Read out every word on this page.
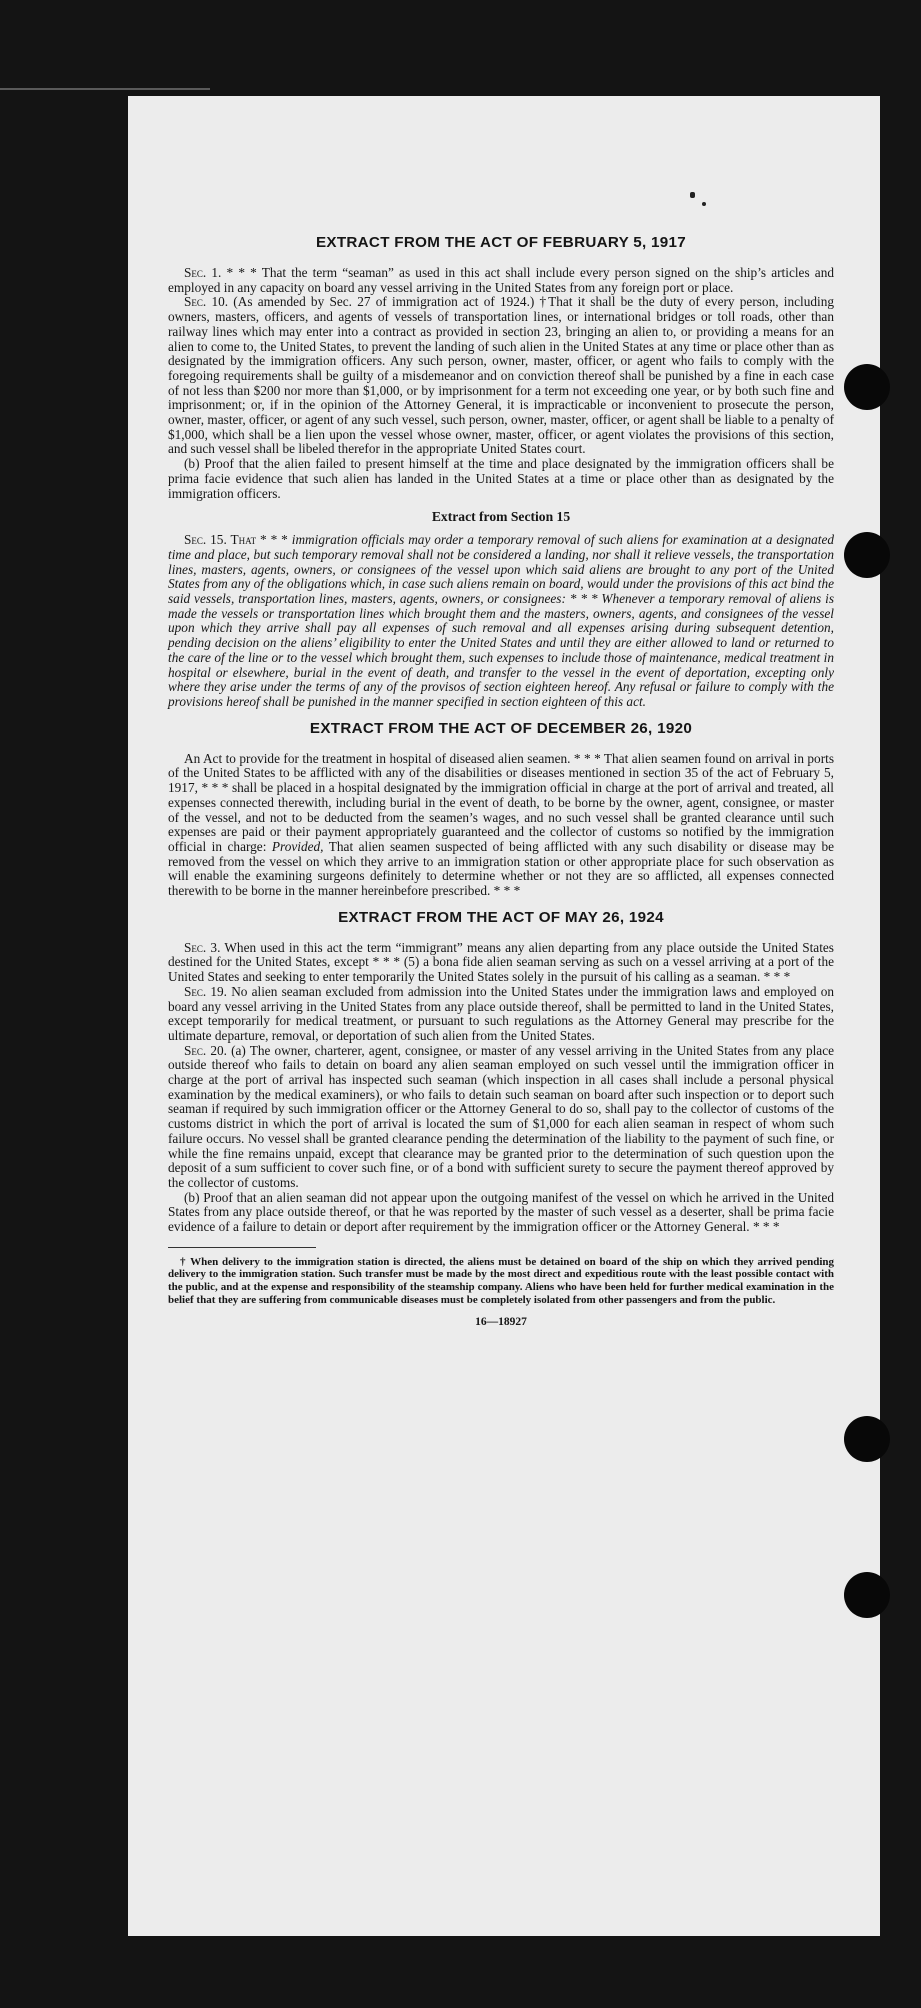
EXTRACT FROM THE ACT OF FEBRUARY 5, 1917

Sec. 1. * * * That the term “seaman” as used in this act shall include every person signed on the ship’s articles and employed in any capacity on board any vessel arriving in the United States from any foreign port or place.

Sec. 10. (As amended by Sec. 27 of immigration act of 1924.) †That it shall be the duty of every person, including owners, masters, officers, and agents of vessels of transportation lines, or international bridges or toll roads, other than railway lines which may enter into a contract as provided in section 23, bringing an alien to, or providing a means for an alien to come to, the United States, to prevent the landing of such alien in the United States at any time or place other than as designated by the immigration officers. Any such person, owner, master, officer, or agent who fails to comply with the foregoing requirements shall be guilty of a misdemeanor and on conviction thereof shall be punished by a fine in each case of not less than $200 nor more than $1,000, or by imprisonment for a term not exceeding one year, or by both such fine and imprisonment; or, if in the opinion of the Attorney General, it is impracticable or inconvenient to prosecute the person, owner, master, officer, or agent of any such vessel, such person, owner, master, officer, or agent shall be liable to a penalty of $1,000, which shall be a lien upon the vessel whose owner, master, officer, or agent violates the provisions of this section, and such vessel shall be libeled therefor in the appropriate United States court.

(b) Proof that the alien failed to present himself at the time and place designated by the immigration officers shall be prima facie evidence that such alien has landed in the United States at a time or place other than as designated by the immigration officers.

Extract from Section 15

Sec. 15. That * * * immigration officials may order a temporary removal of such aliens for examination at a designated time and place, but such temporary removal shall not be considered a landing, nor shall it relieve vessels, the transportation lines, masters, agents, owners, or consignees of the vessel upon which said aliens are brought to any port of the United States from any of the obligations which, in case such aliens remain on board, would under the provisions of this act bind the said vessels, transportation lines, masters, agents, owners, or consignees: * * * Whenever a temporary removal of aliens is made the vessels or transportation lines which brought them and the masters, owners, agents, and consignees of the vessel upon which they arrive shall pay all expenses of such removal and all expenses arising during subsequent detention, pending decision on the aliens’ eligibility to enter the United States and until they are either allowed to land or returned to the care of the line or to the vessel which brought them, such expenses to include those of maintenance, medical treatment in hospital or elsewhere, burial in the event of death, and transfer to the vessel in the event of deportation, excepting only where they arise under the terms of any of the provisos of section eighteen hereof. Any refusal or failure to comply with the provisions hereof shall be punished in the manner specified in section eighteen of this act.

EXTRACT FROM THE ACT OF DECEMBER 26, 1920

An Act to provide for the treatment in hospital of diseased alien seamen. * * * That alien seamen found on arrival in ports of the United States to be afflicted with any of the disabilities or diseases mentioned in section 35 of the act of February 5, 1917, * * * shall be placed in a hospital designated by the immigration official in charge at the port of arrival and treated, all expenses connected therewith, including burial in the event of death, to be borne by the owner, agent, consignee, or master of the vessel, and not to be deducted from the seamen’s wages, and no such vessel shall be granted clearance until such expenses are paid or their payment appropriately guaranteed and the collector of customs so notified by the immigration official in charge: Provided, That alien seamen suspected of being afflicted with any such disability or disease may be removed from the vessel on which they arrive to an immigration station or other appropriate place for such observation as will enable the examining surgeons definitely to determine whether or not they are so afflicted, all expenses connected therewith to be borne in the manner hereinbefore prescribed. * * *

EXTRACT FROM THE ACT OF MAY 26, 1924

Sec. 3. When used in this act the term “immigrant” means any alien departing from any place outside the United States destined for the United States, except * * * (5) a bona fide alien seaman serving as such on a vessel arriving at a port of the United States and seeking to enter temporarily the United States solely in the pursuit of his calling as a seaman. * * *

Sec. 19. No alien seaman excluded from admission into the United States under the immigration laws and employed on board any vessel arriving in the United States from any place outside thereof, shall be permitted to land in the United States, except temporarily for medical treatment, or pursuant to such regulations as the Attorney General may prescribe for the ultimate departure, removal, or deportation of such alien from the United States.

Sec. 20. (a) The owner, charterer, agent, consignee, or master of any vessel arriving in the United States from any place outside thereof who fails to detain on board any alien seaman employed on such vessel until the immigration officer in charge at the port of arrival has inspected such seaman (which inspection in all cases shall include a personal physical examination by the medical examiners), or who fails to detain such seaman on board after such inspection or to deport such seaman if required by such immigration officer or the Attorney General to do so, shall pay to the collector of customs of the customs district in which the port of arrival is located the sum of $1,000 for each alien seaman in respect of whom such failure occurs. No vessel shall be granted clearance pending the determination of the liability to the payment of such fine, or while the fine remains unpaid, except that clearance may be granted prior to the determination of such question upon the deposit of a sum sufficient to cover such fine, or of a bond with sufficient surety to secure the payment thereof approved by the collector of customs.

(b) Proof that an alien seaman did not appear upon the outgoing manifest of the vessel on which he arrived in the United States from any place outside thereof, or that he was reported by the master of such vessel as a deserter, shall be prima facie evidence of a failure to detain or deport after requirement by the immigration officer or the Attorney General. * * *

† When delivery to the immigration station is directed, the aliens must be detained on board of the ship on which they arrived pending delivery to the immigration station. Such transfer must be made by the most direct and expeditious route with the least possible contact with the public, and at the expense and responsibility of the steamship company. Aliens who have been held for further medical examination in the belief that they are suffering from communicable diseases must be completely isolated from other passengers and from the public.

16—18927
